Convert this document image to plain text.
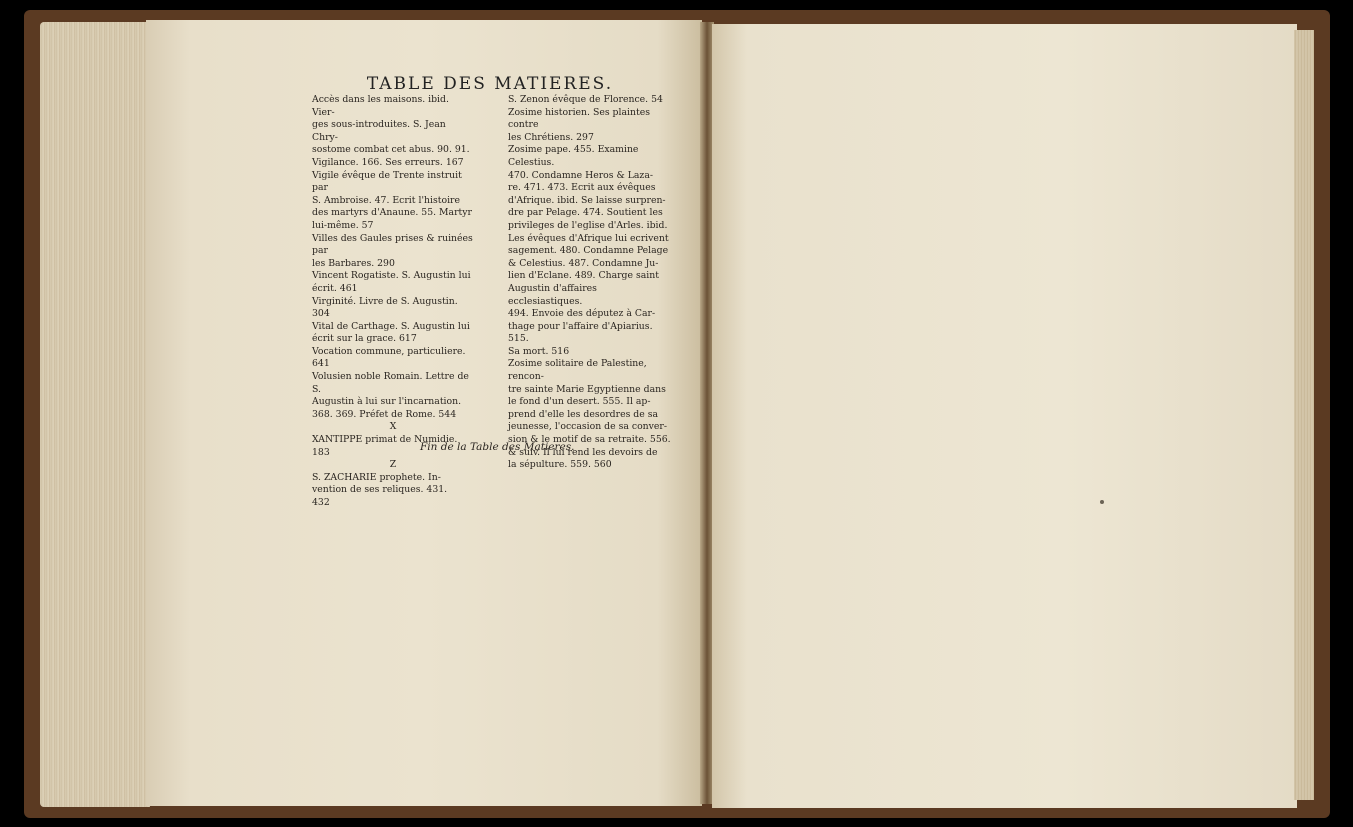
TABLE DES MATIERES.

Accès dans les maisons. ibid. Vier-

ges sous-introduites. S. Jean Chry-

sostome combat cet abus. 90. 91.

Vigilance. 166. Ses erreurs. 167

Vigile évêque de Trente instruit par

S. Ambroise. 47. Ecrit l'histoire

des martyrs d'Anaune. 55. Martyr

lui-même. 57

Villes des Gaules prises & ruinées par

les Barbares. 290

Vincent Rogatiste. S. Augustin lui

écrit. 461

Virginité. Livre de S. Augustin. 304

Vital de Carthage. S. Augustin lui

écrit sur la grace. 617

Vocation commune, particuliere. 641

Volusien noble Romain. Lettre de S.

Augustin à lui sur l'incarnation.

368. 369. Préfet de Rome. 544

X

XANTIPPE primat de Numidie.

183

Z

S. ZACHARIE prophete. In-

vention de ses reliques. 431.

432

S. Zenon évêque de Florence. 54

Zosime historien. Ses plaintes contre

les Chrétiens. 297

Zosime pape. 455. Examine Celestius.

470. Condamne Heros & Laza-

re. 471. 473. Ecrit aux évêques

d'Afrique. ibid. Se laisse surpren-

dre par Pelage. 474. Soutient les

privileges de l'eglise d'Arles. ibid.

Les évêques d'Afrique lui ecrivent

sagement. 480. Condamne Pelage

& Celestius. 487. Condamne Ju-

lien d'Eclane. 489. Charge saint

Augustin d'affaires ecclesiastiques.

494. Envoie des députez à Car-

thage pour l'affaire d'Apiarius. 515.

Sa mort. 516

Zosime solitaire de Palestine, rencon-

tre sainte Marie Egyptienne dans

le fond d'un desert. 555. Il ap-

prend d'elle les desordres de sa

jeunesse, l'occasion de sa conver-

sion & le motif de sa retraite. 556.

& suiv. Il lui rend les devoirs de

la sépulture. 559. 560

Fin de la Table des Matieres.
